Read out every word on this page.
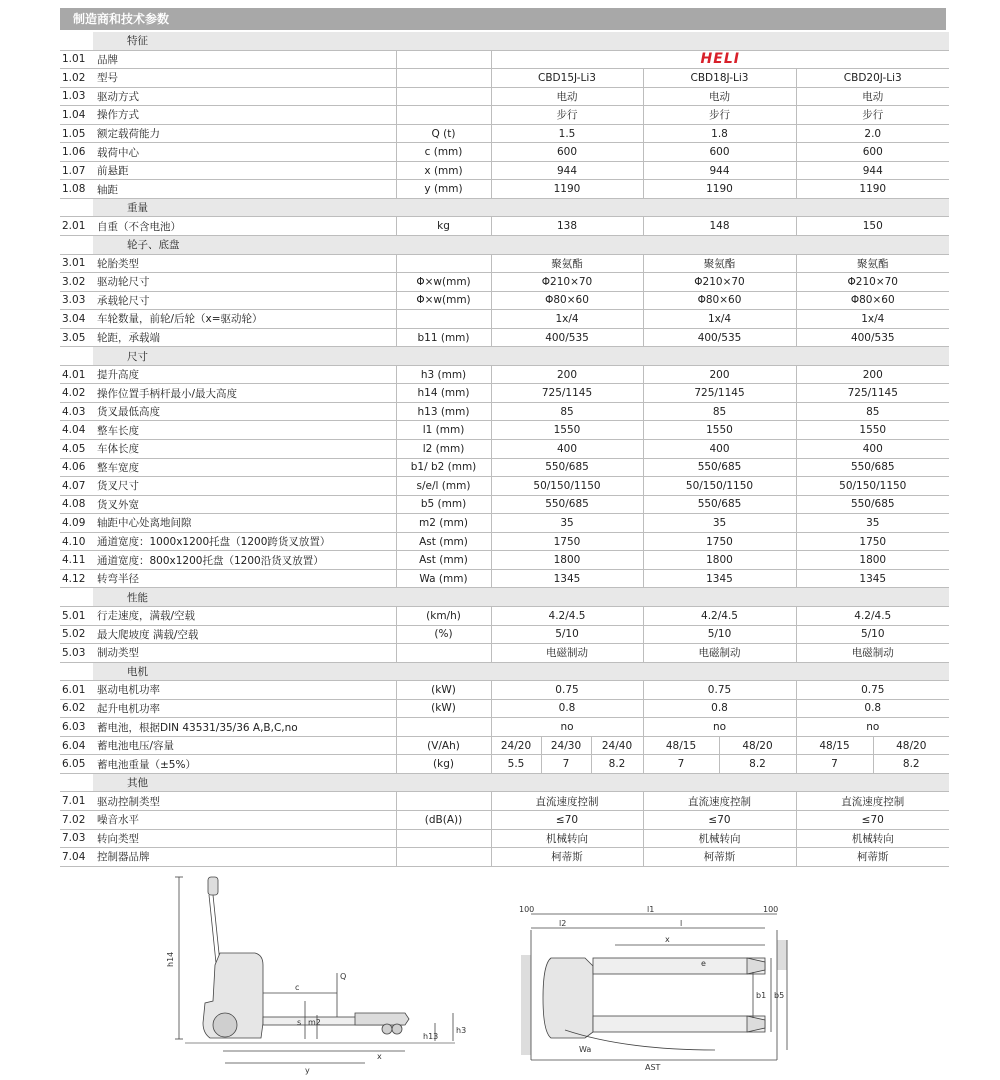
制造商和技术参数
	特征								
1.01	品牌		HELI						
1.02	型号		CBD15J-Li3			CBD18J-Li3		CBD20J-Li3	
1.03	驱动方式		电动			电动		电动	
1.04	操作方式		步行			步行		步行	
1.05	额定载荷能力	Q (t)	1.5			1.8		2.0	
1.06	载荷中心	c (mm)	600			600		600	
1.07	前悬距	x (mm)	944			944		944	
1.08	轴距	y (mm)	1190			1190		1190	
	重量								
2.01	自重（不含电池）	kg	138			148		150	
	轮子、底盘								
3.01	轮胎类型		聚氨酯			聚氨酯		聚氨酯	
3.02	驱动轮尺寸	Φ×w(mm)	Φ210×70			Φ210×70		Φ210×70	
3.03	承载轮尺寸	Φ×w(mm)	Φ80×60			Φ80×60		Φ80×60	
3.04	车轮数量，前轮/后轮（x=驱动轮）		1x/4			1x/4		1x/4	
3.05	轮距，承载端	b11 (mm)	400/535			400/535		400/535	
	尺寸								
4.01	提升高度	h3 (mm)	200			200		200	
4.02	操作位置手柄杆最小/最大高度	h14 (mm)	725/1145			725/1145		725/1145	
4.03	货叉最低高度	h13 (mm)	85			85		85	
4.04	整车长度	l1 (mm)	1550			1550		1550	
4.05	车体长度	l2 (mm)	400			400		400	
4.06	整车宽度	b1/ b2 (mm)	550/685			550/685		550/685	
4.07	货叉尺寸	s/e/l (mm)	50/150/1150			50/150/1150		50/150/1150	
4.08	货叉外宽	b5 (mm)	550/685			550/685		550/685	
4.09	轴距中心处离地间隙	m2 (mm)	35			35		35	
4.10	通道宽度：1000x1200托盘（1200跨货叉放置）	Ast (mm)	1750			1750		1750	
4.11	通道宽度：800x1200托盘（1200沿货叉放置）	Ast (mm)	1800			1800		1800	
4.12	转弯半径	Wa (mm)	1345			1345		1345	
	性能								
5.01	行走速度，满载/空载	(km/h)	4.2/4.5			4.2/4.5		4.2/4.5	
5.02	最大爬坡度 满载/空载	(%)	5/10			5/10		5/10	
5.03	制动类型		电磁制动			电磁制动		电磁制动	
	电机								
6.01	驱动电机功率	(kW)	0.75			0.75		0.75	
6.02	起升电机功率	(kW)	0.8			0.8		0.8	
6.03	蓄电池，根据DIN 43531/35/36 A,B,C,no		no			no		no	
6.04	蓄电池电压/容量	(V/Ah)	24/20	24/30	24/40	48/15	48/20	48/15	48/20
6.05	蓄电池重量（±5%）	(kg)	5.5	7	8.2	7	8.2	7	8.2
	其他								
7.01	驱动控制类型		直流速度控制			直流速度控制		直流速度控制	
7.02	噪音水平	(dB(A))	≤70			≤70		≤70	
7.03	转向类型		机械转向			机械转向		机械转向	
7.04	控制器品牌		柯蒂斯			柯蒂斯		柯蒂斯	
h14
c
Q
s m2
x
y
h13
h3
100	100
l1
l2	l
x
e
b1 b5
Wa
AST
